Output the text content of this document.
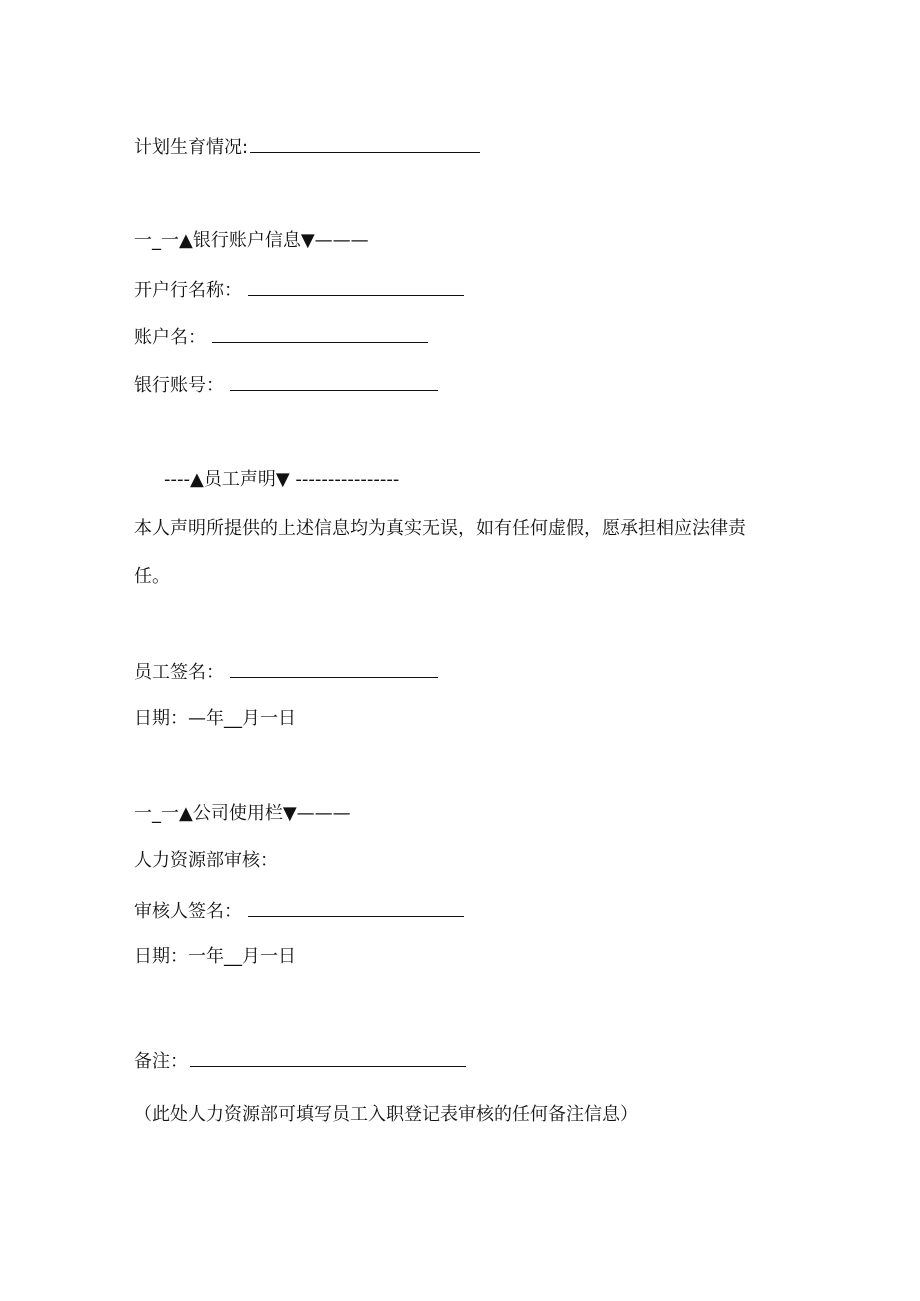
计划生育情况:
一_一▲银行账户信息▼———
开户行名称：
账户名：
银行账号：
----▲员工声明▼ ----------------
本人声明所提供的上述信息均为真实无误，如有任何虚假，愿承担相应法律责任。
员工签名：
日期：—年__月一日
一_一▲公司使用栏▼———
人力资源部审核：
审核人签名：
日期：一年__月一日
备注：
（此处人力资源部可填写员工入职登记表审核的任何备注信息）
